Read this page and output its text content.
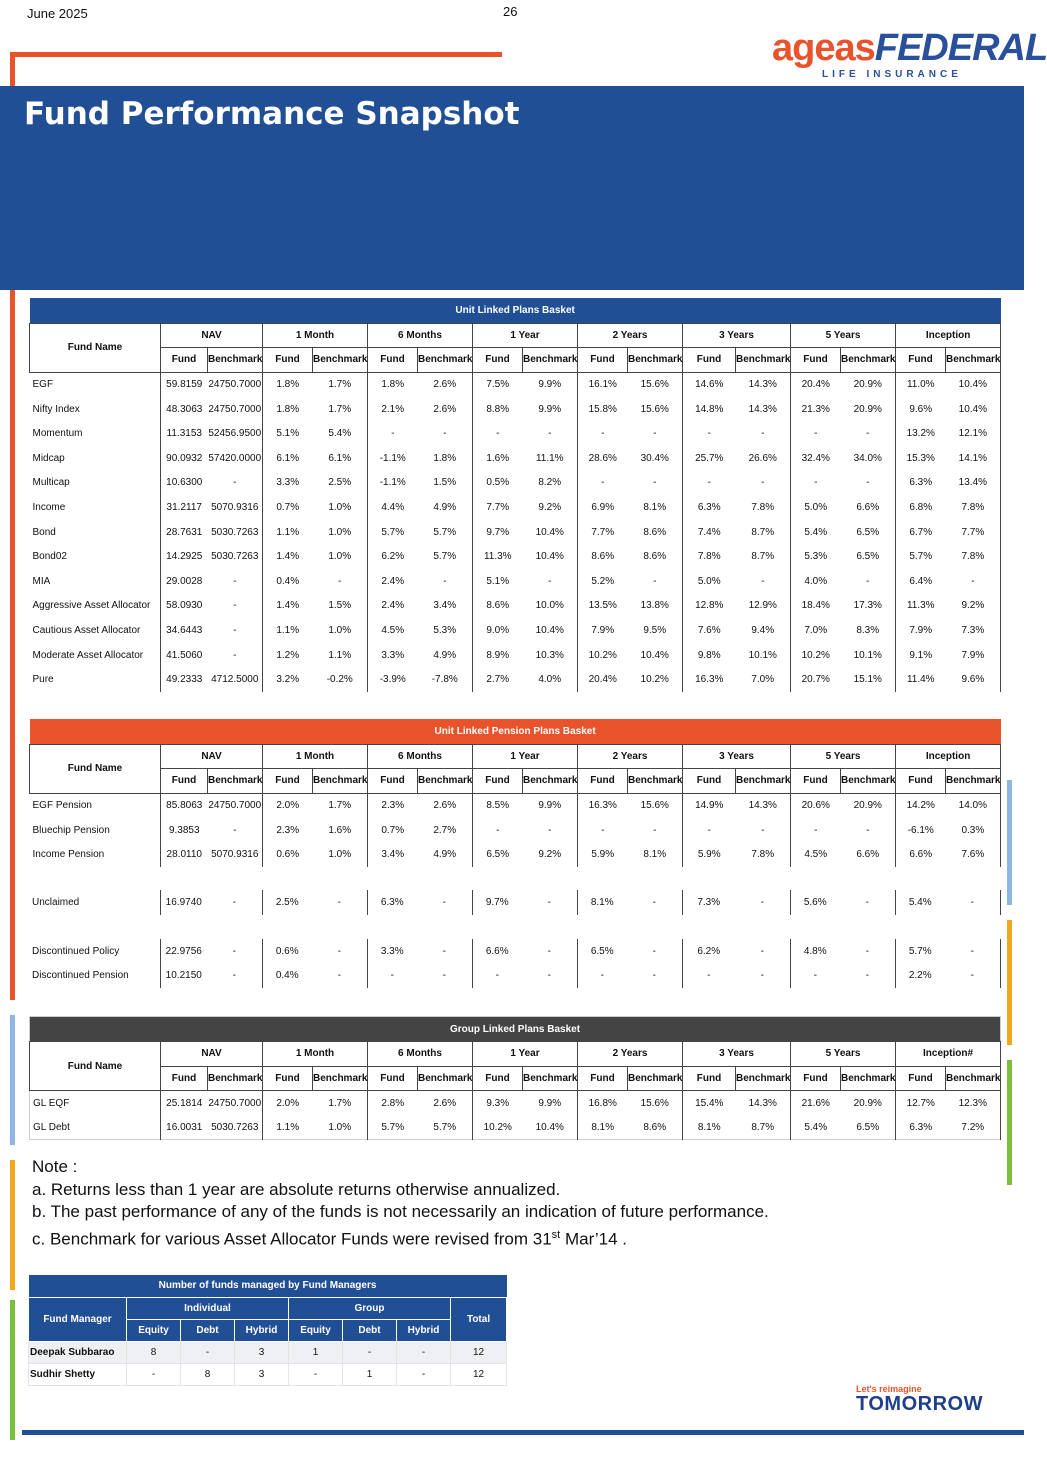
June 2025	26
ageasFEDERAL
LIFE INSURANCE
Fund Performance Snapshot
Unit Linked Plans Basket																
Fund Name	NAV		1 Month		6 Months		1 Year		2 Years		3 Years		5 Years		Inception	
	Fund	Benchmark	Fund	Benchmark	Fund	Benchmark	Fund	Benchmark	Fund	Benchmark	Fund	Benchmark	Fund	Benchmark	Fund	Benchmark
EGF	59.8159	24750.7000	1.8%	1.7%	1.8%	2.6%	7.5%	9.9%	16.1%	15.6%	14.6%	14.3%	20.4%	20.9%	11.0%	10.4%
Nifty Index	48.3063	24750.7000	1.8%	1.7%	2.1%	2.6%	8.8%	9.9%	15.8%	15.6%	14.8%	14.3%	21.3%	20.9%	9.6%	10.4%
Momentum	11.3153	52456.9500	5.1%	5.4%	-	-	-	-	-	-	-	-	-	-	13.2%	12.1%
Midcap	90.0932	57420.0000	6.1%	6.1%	-1.1%	1.8%	1.6%	11.1%	28.6%	30.4%	25.7%	26.6%	32.4%	34.0%	15.3%	14.1%
Multicap	10.6300	-	3.3%	2.5%	-1.1%	1.5%	0.5%	8.2%	-	-	-	-	-	-	6.3%	13.4%
Income	31.2117	5070.9316	0.7%	1.0%	4.4%	4.9%	7.7%	9.2%	6.9%	8.1%	6.3%	7.8%	5.0%	6.6%	6.8%	7.8%
Bond	28.7631	5030.7263	1.1%	1.0%	5.7%	5.7%	9.7%	10.4%	7.7%	8.6%	7.4%	8.7%	5.4%	6.5%	6.7%	7.7%
Bond02	14.2925	5030.7263	1.4%	1.0%	6.2%	5.7%	11.3%	10.4%	8.6%	8.6%	7.8%	8.7%	5.3%	6.5%	5.7%	7.8%
MIA	29.0028	-	0.4%	-	2.4%	-	5.1%	-	5.2%	-	5.0%	-	4.0%	-	6.4%	-
Aggressive Asset Allocator	58.0930	-	1.4%	1.5%	2.4%	3.4%	8.6%	10.0%	13.5%	13.8%	12.8%	12.9%	18.4%	17.3%	11.3%	9.2%
Cautious Asset Allocator	34.6443	-	1.1%	1.0%	4.5%	5.3%	9.0%	10.4%	7.9%	9.5%	7.6%	9.4%	7.0%	8.3%	7.9%	7.3%
Moderate Asset Allocator	41.5060	-	1.2%	1.1%	3.3%	4.9%	8.9%	10.3%	10.2%	10.4%	9.8%	10.1%	10.2%	10.1%	9.1%	7.9%
Pure	49.2333	4712.5000	3.2%	-0.2%	-3.9%	-7.8%	2.7%	4.0%	20.4%	10.2%	16.3%	7.0%	20.7%	15.1%	11.4%	9.6%
Unit Linked Pension Plans Basket																
Fund Name	NAV		1 Month		6 Months		1 Year		2 Years		3 Years		5 Years		Inception	
	Fund	Benchmark	Fund	Benchmark	Fund	Benchmark	Fund	Benchmark	Fund	Benchmark	Fund	Benchmark	Fund	Benchmark	Fund	Benchmark
EGF Pension	85.8063	24750.7000	2.0%	1.7%	2.3%	2.6%	8.5%	9.9%	16.3%	15.6%	14.9%	14.3%	20.6%	20.9%	14.2%	14.0%
Bluechip Pension	9.3853	-	2.3%	1.6%	0.7%	2.7%	-	-	-	-	-	-	-	-	-6.1%	0.3%
Income Pension	28.0110	5070.9316	0.6%	1.0%	3.4%	4.9%	6.5%	9.2%	5.9%	8.1%	5.9%	7.8%	4.5%	6.6%	6.6%	7.6%
Unclaimed	16.9740	-	2.5%	-	6.3%	-	9.7%	-	8.1%	-	7.3%	-	5.6%	-	5.4%	-
Discontinued Policy	22.9756	-	0.6%	-	3.3%	-	6.6%	-	6.5%	-	6.2%	-	4.8%	-	5.7%	-
Discontinued Pension	10.2150	-	0.4%	-	-	-	-	-	-	-	-	-	-	-	2.2%	-
Group Linked Plans Basket																
Fund Name	NAV		1 Month		6 Months		1 Year		2 Years		3 Years		5 Years		Inception#	
	Fund	Benchmark	Fund	Benchmark	Fund	Benchmark	Fund	Benchmark	Fund	Benchmark	Fund	Benchmark	Fund	Benchmark	Fund	Benchmark
GL EQF	25.1814	24750.7000	2.0%	1.7%	2.8%	2.6%	9.3%	9.9%	16.8%	15.6%	15.4%	14.3%	21.6%	20.9%	12.7%	12.3%
GL Debt	16.0031	5030.7263	1.1%	1.0%	5.7%	5.7%	10.2%	10.4%	8.1%	8.6%	8.1%	8.7%	5.4%	6.5%	6.3%	7.2%
Note :
a. Returns less than 1 year are absolute returns otherwise annualized.
b. The past performance of any of the funds is not necessarily an indication of future performance.
c. Benchmark for various Asset Allocator Funds were revised from 31st Mar’14 .
Number of funds managed by Fund Managers							
Fund Manager	Individual			Group			Total
	Equity	Debt	Hybrid	Equity	Debt	Hybrid	
Deepak Subbarao	8	-	3	1	-	-	12
Sudhir Shetty	-	8	3	-	1	-	12
Let's reimagine
TOMORROW
